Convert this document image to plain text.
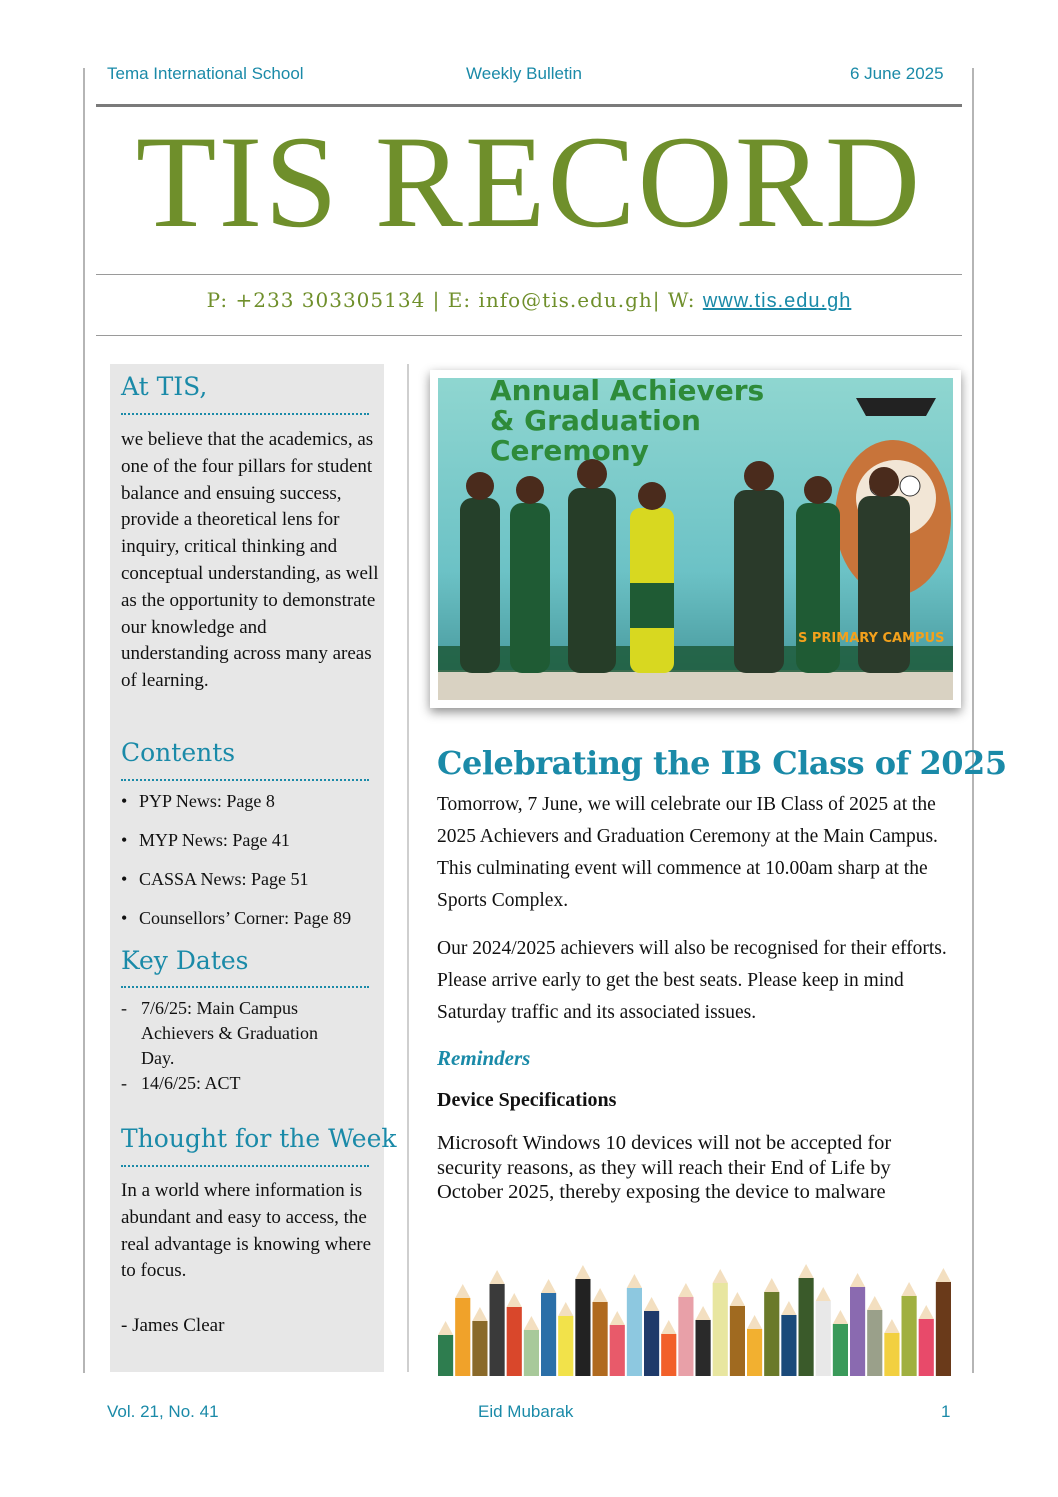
Tema International School	Weekly Bulletin	6 June 2025
TIS RECORD
P: +233 303305134 | E: info@tis.edu.gh| W: www.tis.edu.gh
At TIS,
we believe that the academics, as one of the four pillars for student balance and ensuing success, provide a theoretical lens for inquiry, critical thinking and conceptual understanding, as well as the opportunity to demonstrate our knowledge and understanding across many areas of learning.
Contents
• PYP News: Page 8
• MYP News: Page 41
• CASSA News: Page 51
• Counsellors’ Corner: Page 89
Key Dates
- 7/6/25: Main Campus Achievers & Graduation Day.
- 14/6/25: ACT
Thought for the Week
In a world where information is abundant and easy to access, the real advantage is knowing where to focus.
- James Clear
Annual Achievers
& Graduation
Ceremony
S PRIMARY CAMPUS
Celebrating the IB Class of 2025
Tomorrow, 7 June, we will celebrate our IB Class of 2025 at the 2025 Achievers and Graduation Ceremony at the Main Campus. This culminating event will commence at 10.00am sharp at the Sports Complex.
Our 2024/2025 achievers will also be recognised for their efforts. Please arrive early to get the best seats. Please keep in mind Saturday traffic and its associated issues.
Reminders
Device Specifications
Microsoft Windows 10 devices will not be accepted for security reasons, as they will reach their End of Life by October 2025, thereby exposing the device to malware
Vol. 21, No. 41	Eid Mubarak	1
